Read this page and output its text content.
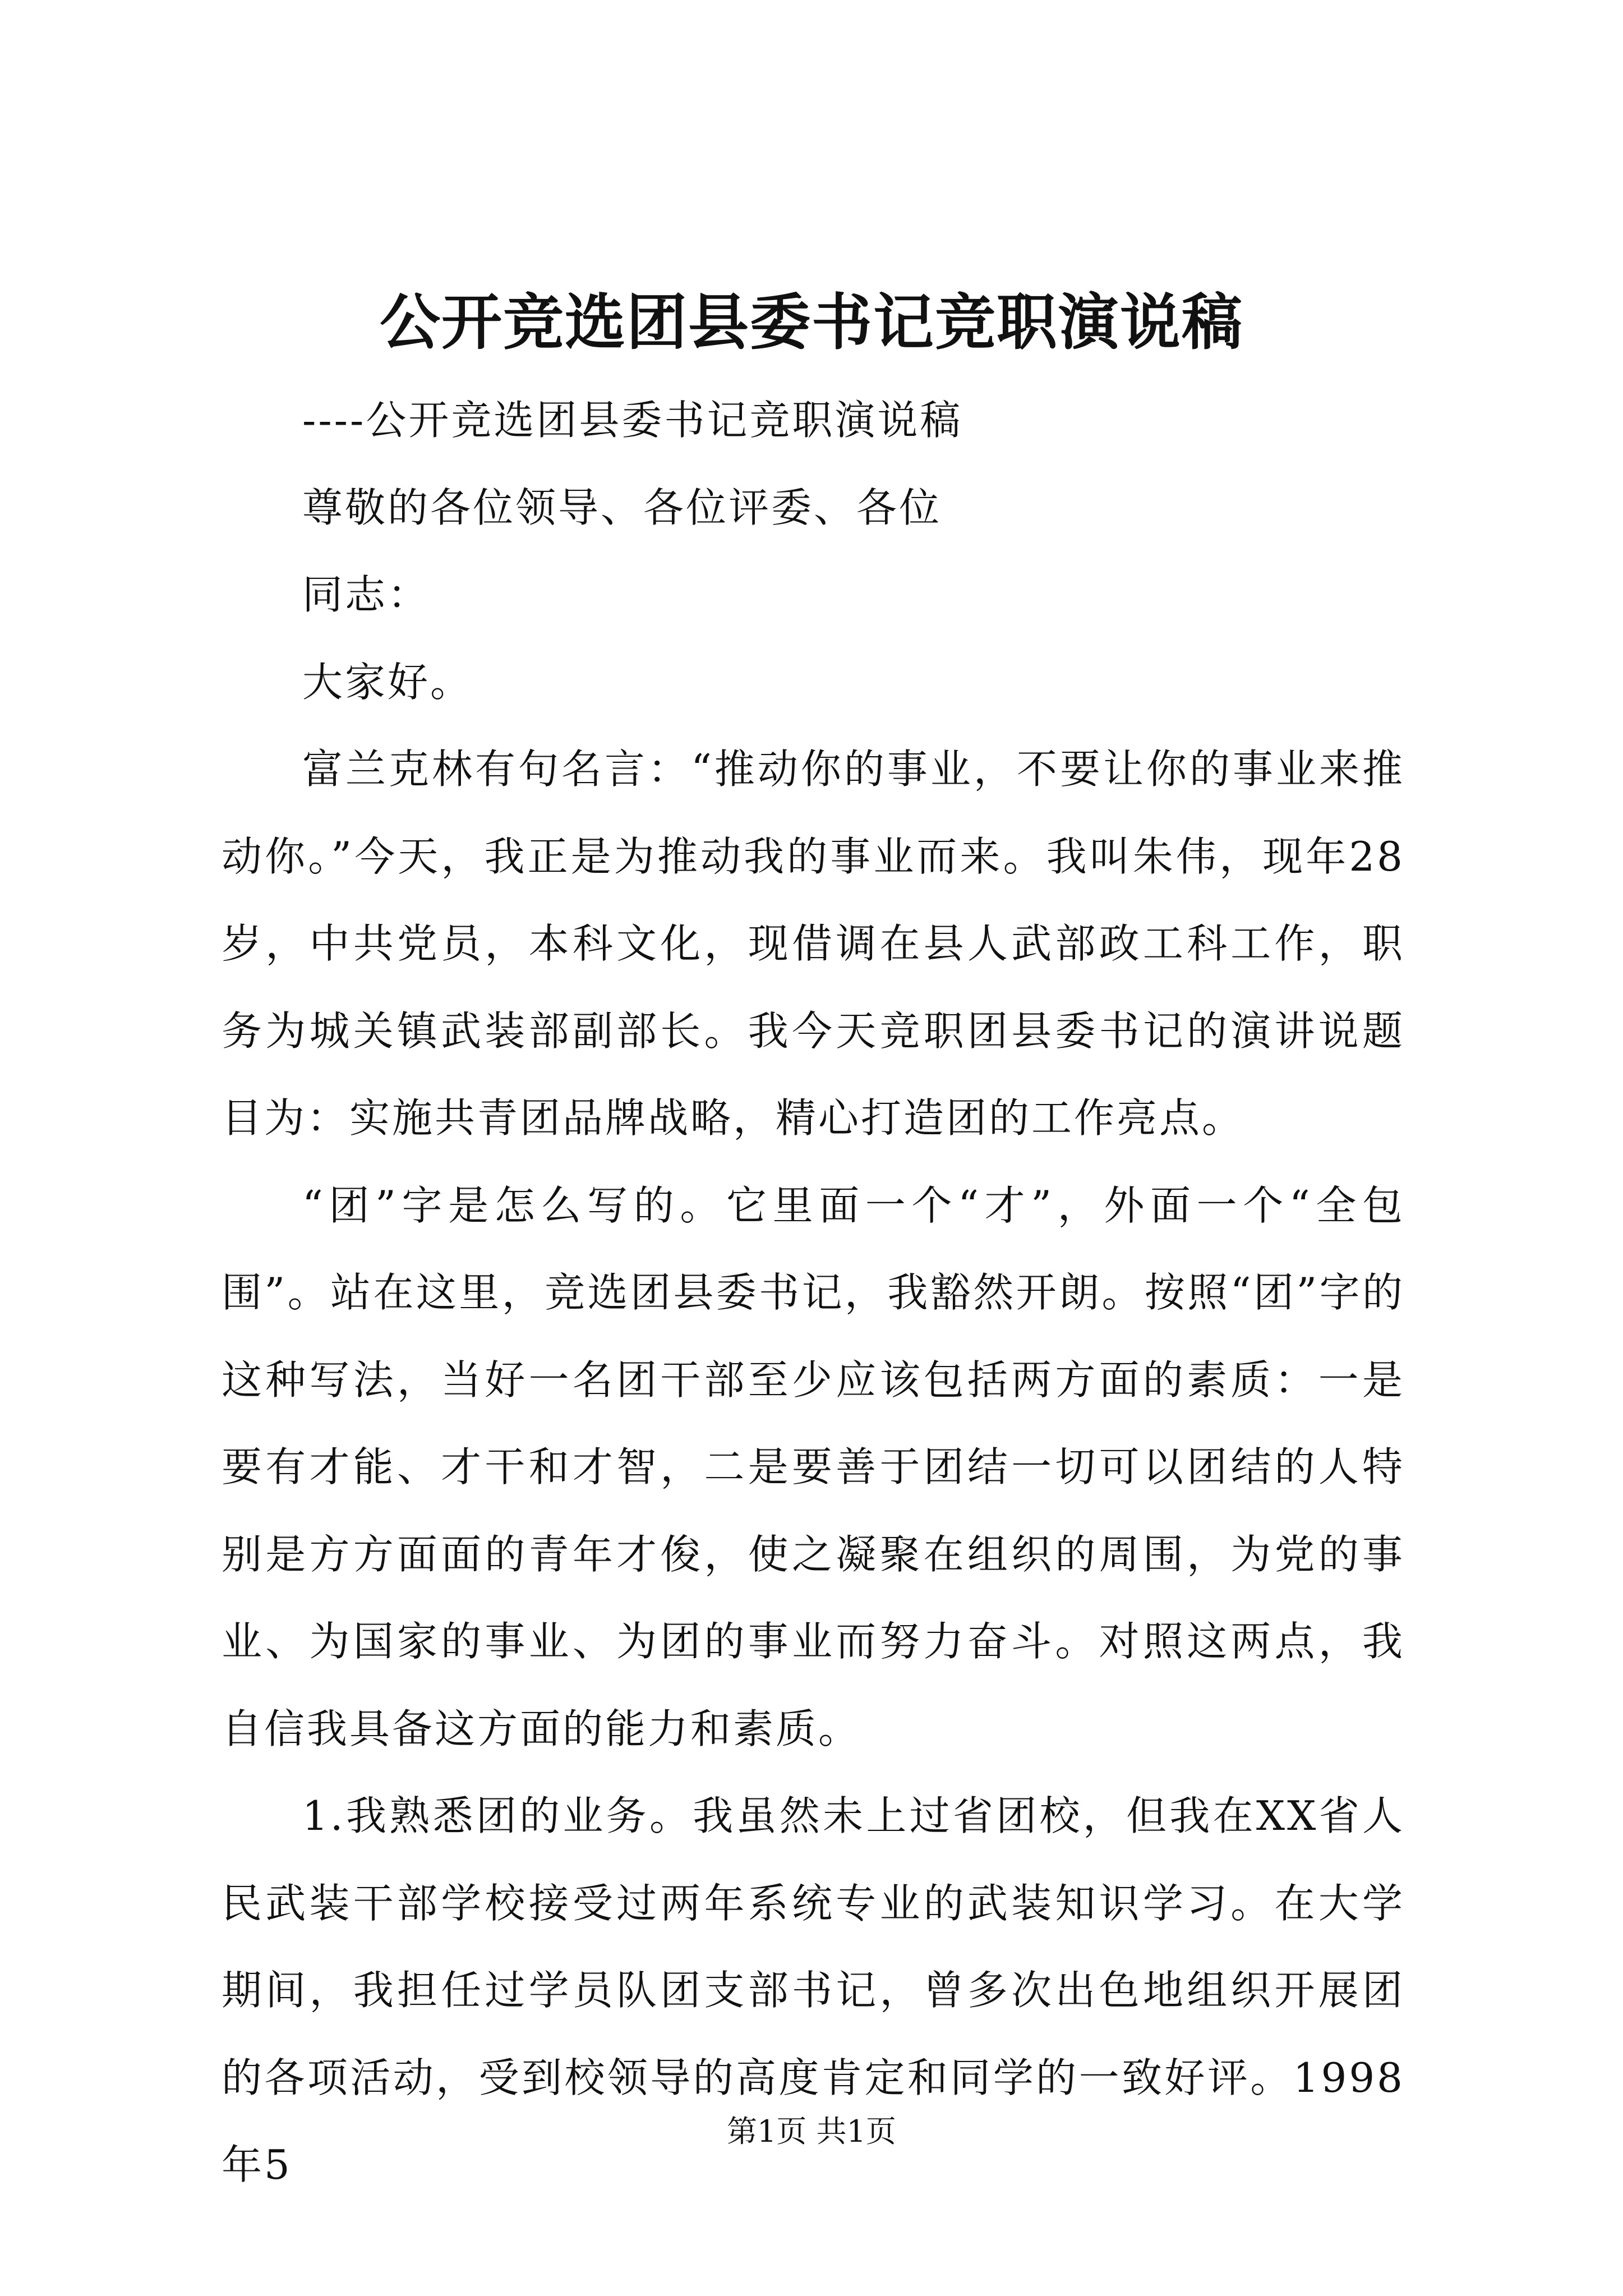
公开竞选团县委书记竞职演说稿

----公开竞选团县委书记竞职演说稿

尊敬的各位领导、各位评委、各位

同志：

大家好。

富兰克林有句名言：“推动你的事业，不要让你的事业来推动你。”今天，我正是为推动我的事业而来。我叫朱伟，现年28岁，中共党员，本科文化，现借调在县人武部政工科工作，职务为城关镇武装部副部长。我今天竞职团县委书记的演讲说题目为：实施共青团品牌战略，精心打造团的工作亮点。

“团”字是怎么写的。它里面一个“才”，外面一个“全包围”。站在这里，竞选团县委书记，我豁然开朗。按照“团”字的这种写法，当好一名团干部至少应该包括两方面的素质：一是要有才能、才干和才智，二是要善于团结一切可以团结的人特别是方方面面的青年才俊，使之凝聚在组织的周围，为党的事业、为国家的事业、为团的事业而努力奋斗。对照这两点，我自信我具备这方面的能力和素质。

1.我熟悉团的业务。我虽然未上过省团校，但我在XX省人民武装干部学校接受过两年系统专业的武装知识学习。在大学期间，我担任过学员队团支部书记，曾多次出色地组织开展团的各项活动，受到校领导的高度肯定和同学的一致好评。1998年5

第1页 共1页
